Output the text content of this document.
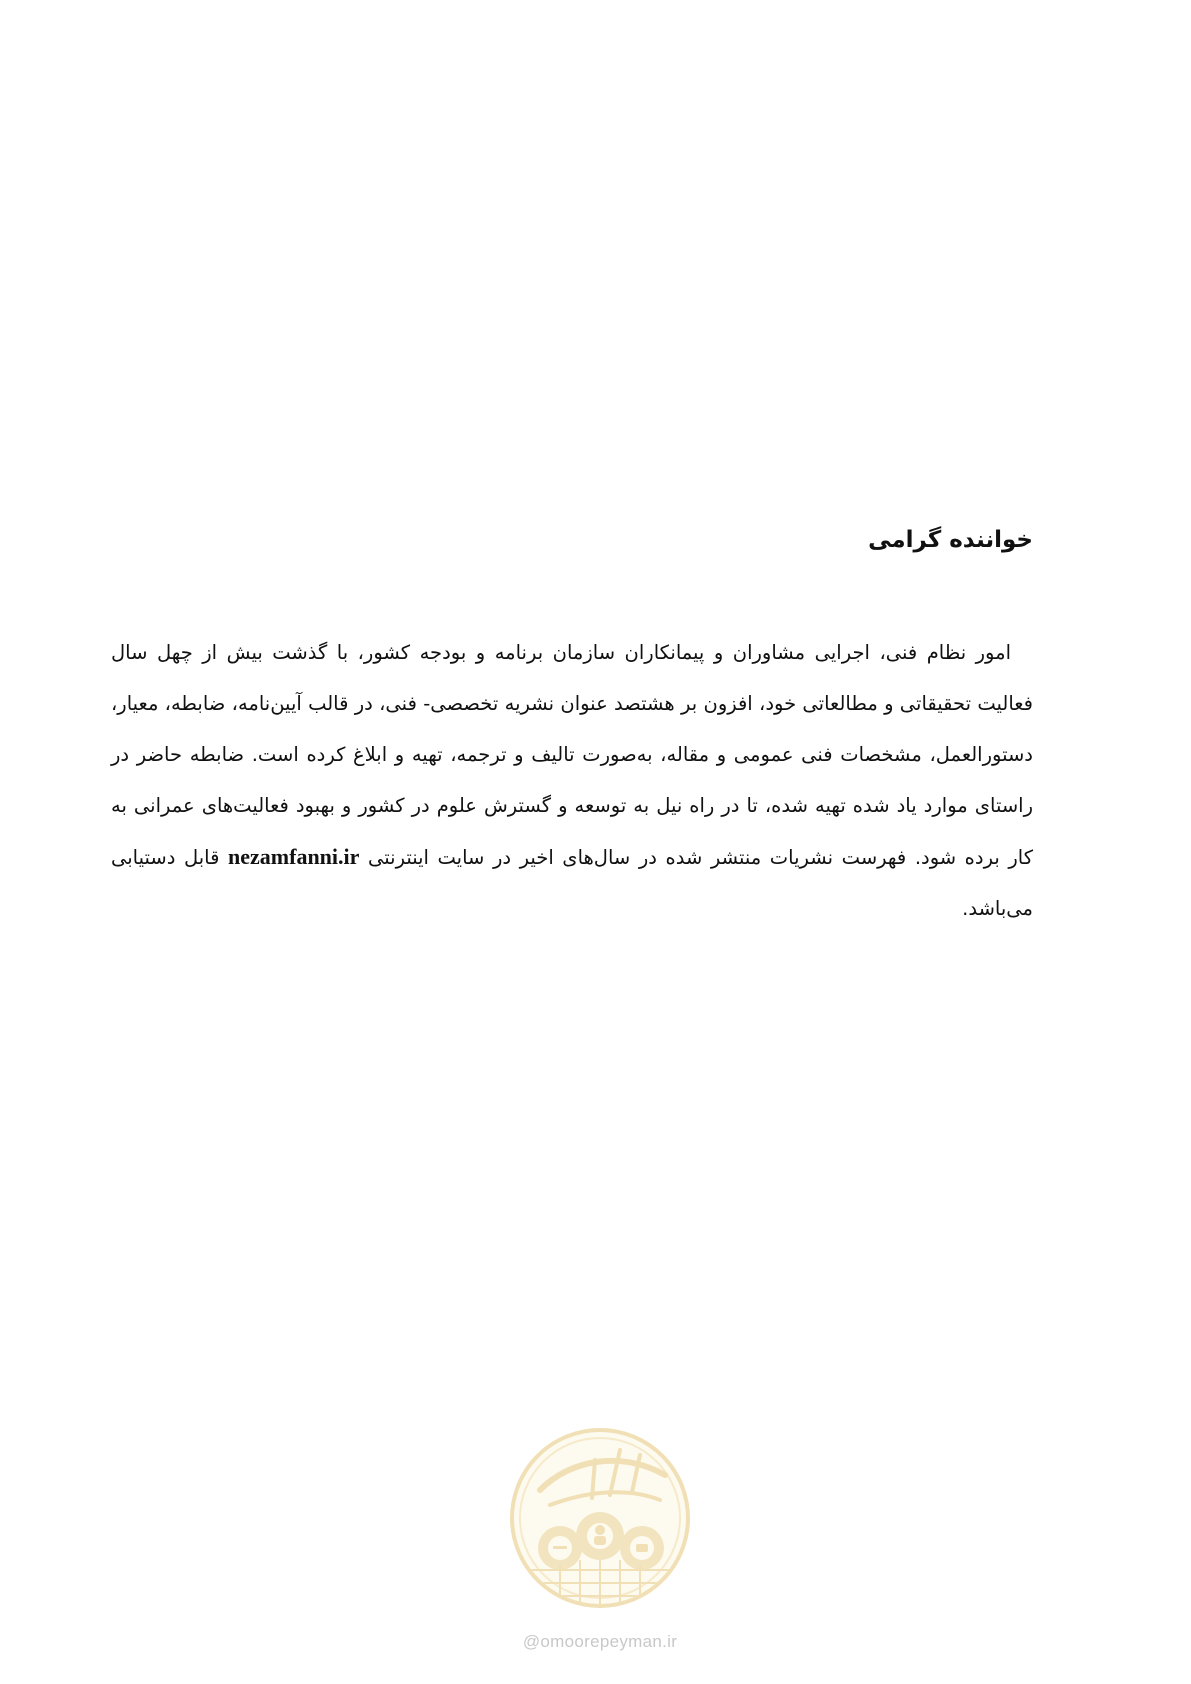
خواننده گرامی

امور نظام فنی، اجرایی مشاوران و پیمانکاران سازمان برنامه و بودجه کشور، با گذشت بیش از چهل سال فعالیت تحقیقاتی و مطالعاتی خود، افزون بر هشتصد عنوان نشریه تخصصی- فنی، در قالب آیین‌نامه، ضابطه، معیار، دستورالعمل، مشخصات فنی عمومی و مقاله، به‌صورت تالیف و ترجمه، تهیه و ابلاغ کرده است. ضابطه حاضر در راستای موارد یاد شده تهیه شده، تا در راه نیل به توسعه و گسترش علوم در کشور و بهبود فعالیت‌های عمرانی به کار برده شود. فهرست نشریات منتشر شده در سال‌های اخیر در سایت اینترنتی nezamfanni.ir قابل دستیابی می‌باشد.

@omoorepeyman.ir
